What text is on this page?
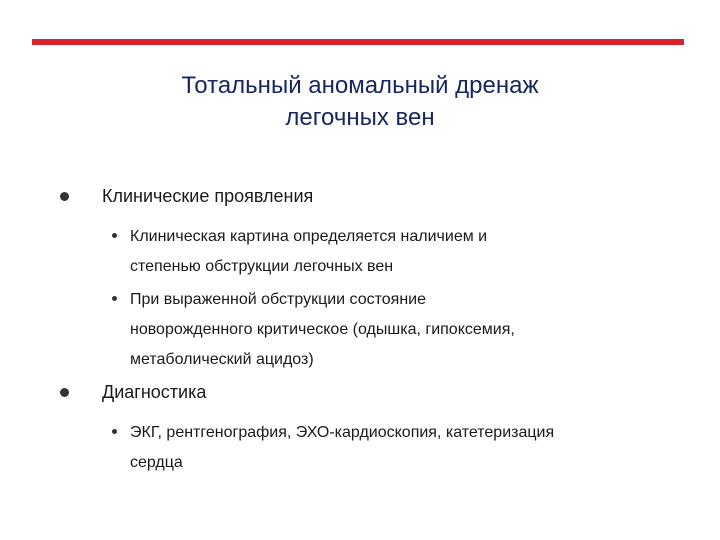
Тотальный аномальный дренаж
легочных вен
Клинические проявления
Клиническая картина определяется наличием и
степенью обструкции легочных вен
При выраженной обструкции состояние
новорожденного критическое (одышка, гипоксемия,
метаболический ацидоз)
Диагностика
ЭКГ, рентгенография, ЭХО-кардиоскопия, катетеризация
сердца
